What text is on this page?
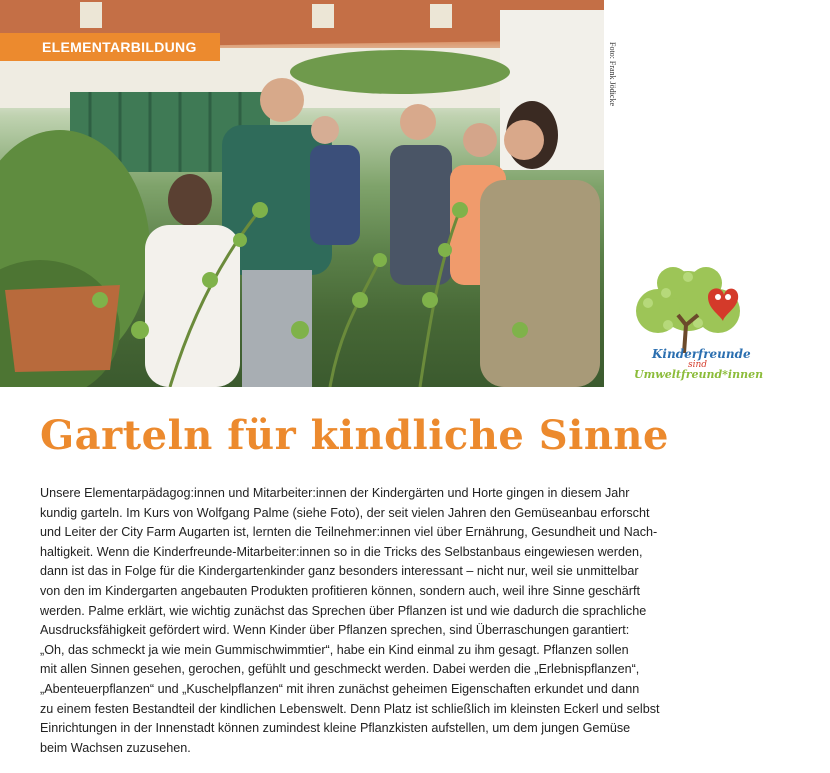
ELEMENTARBILDUNG	Foto: Frank Jödicke
Kinderfreunde
sind
Umweltfreund*innen
Garteln für kindliche Sinne

Unsere Elementarpädagog:innen und Mitarbeiter:innen der Kindergärten und Horte gingen in diesem Jahr
kundig garteln. Im Kurs von Wolfgang Palme (siehe Foto), der seit vielen Jahren den Gemüseanbau erforscht
und Leiter der City Farm Augarten ist, lernten die Teilnehmer:innen viel über Ernährung, Gesundheit und Nach-
haltigkeit. Wenn die Kinderfreunde-Mitarbeiter:innen so in die Tricks des Selbstanbaus eingewiesen werden,
dann ist das in Folge für die Kindergartenkinder ganz besonders interessant – nicht nur, weil sie unmittelbar
von den im Kindergarten angebauten Produkten profitieren können, sondern auch, weil ihre Sinne geschärft
werden. Palme erklärt, wie wichtig zunächst das Sprechen über Pflanzen ist und wie dadurch die sprachliche
Ausdrucksfähigkeit gefördert wird. Wenn Kinder über Pflanzen sprechen, sind Überraschungen garantiert:
„Oh, das schmeckt ja wie mein Gummischwimmtier“, habe ein Kind einmal zu ihm gesagt. Pflanzen sollen
mit allen Sinnen gesehen, gerochen, gefühlt und geschmeckt werden. Dabei werden die „Erlebnispflanzen“,
„Abenteuerpflanzen“ und „Kuschelpflanzen“ mit ihren zunächst geheimen Eigenschaften erkundet und dann
zu einem festen Bestandteil der kindlichen Lebenswelt. Denn Platz ist schließlich im kleinsten Eckerl und selbst
Einrichtungen in der Innenstadt können zumindest kleine Pflanzkisten aufstellen, um dem jungen Gemüse
beim Wachsen zuzusehen.
